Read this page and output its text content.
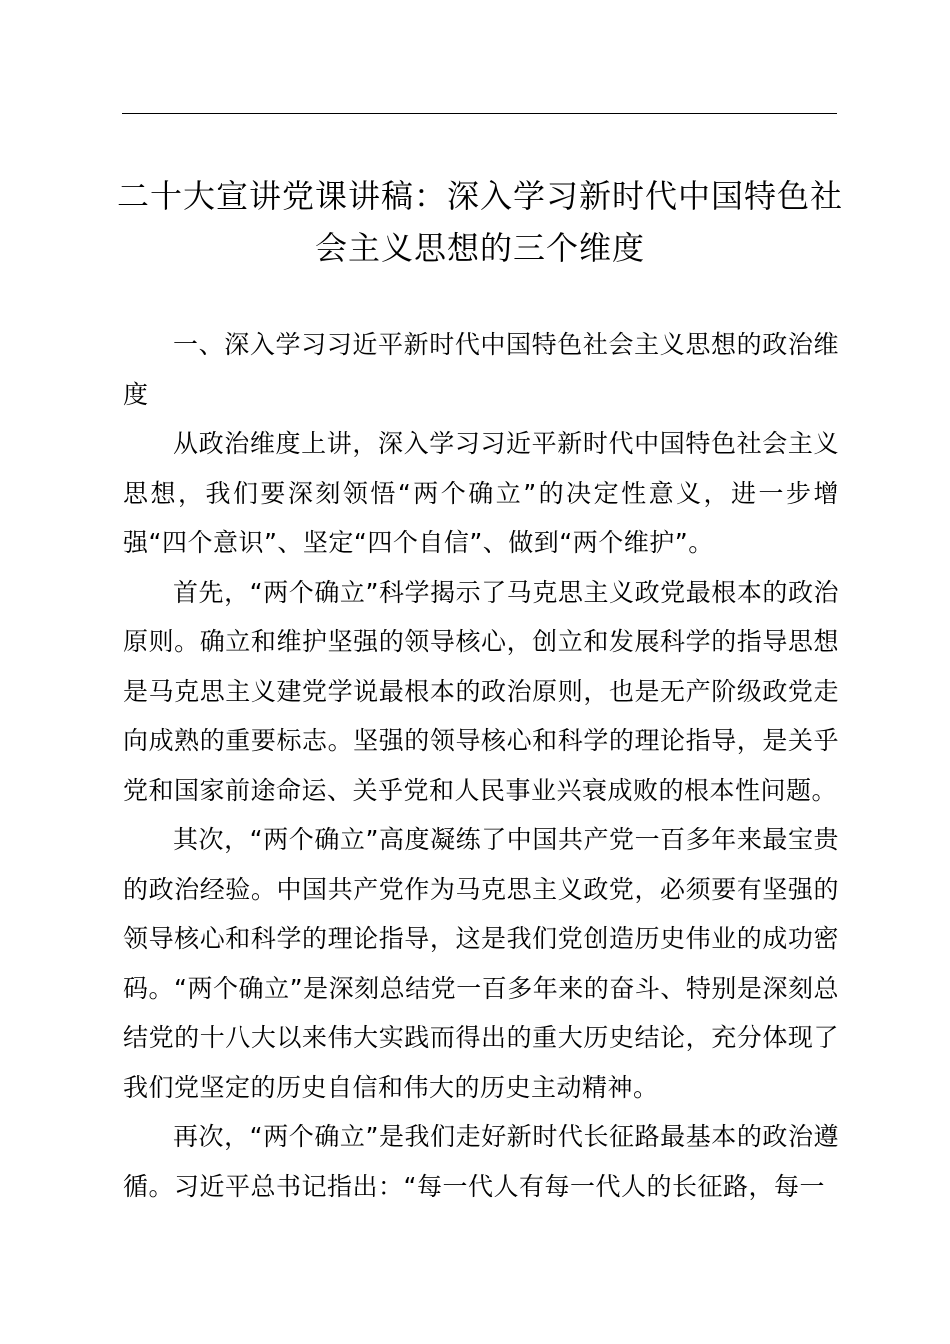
二十大宣讲党课讲稿：深入学习新时代中国特色社会主义思想的三个维度

一、深入学习习近平新时代中国特色社会主义思想的政治维度

从政治维度上讲，深入学习习近平新时代中国特色社会主义思想，我们要深刻领悟“两个确立”的决定性意义，进一步增强“四个意识”、坚定“四个自信”、做到“两个维护”。

首先，“两个确立”科学揭示了马克思主义政党最根本的政治原则。确立和维护坚强的领导核心，创立和发展科学的指导思想是马克思主义建党学说最根本的政治原则，也是无产阶级政党走向成熟的重要标志。坚强的领导核心和科学的理论指导，是关乎党和国家前途命运、关乎党和人民事业兴衰成败的根本性问题。

其次，“两个确立”高度凝练了中国共产党一百多年来最宝贵的政治经验。中国共产党作为马克思主义政党，必须要有坚强的领导核心和科学的理论指导，这是我们党创造历史伟业的成功密码。“两个确立”是深刻总结党一百多年来的奋斗、特别是深刻总结党的十八大以来伟大实践而得出的重大历史结论，充分体现了我们党坚定的历史自信和伟大的历史主动精神。

再次，“两个确立”是我们走好新时代长征路最基本的政治遵循。习近平总书记指出：“每一代人有每一代人的长征路，每一
